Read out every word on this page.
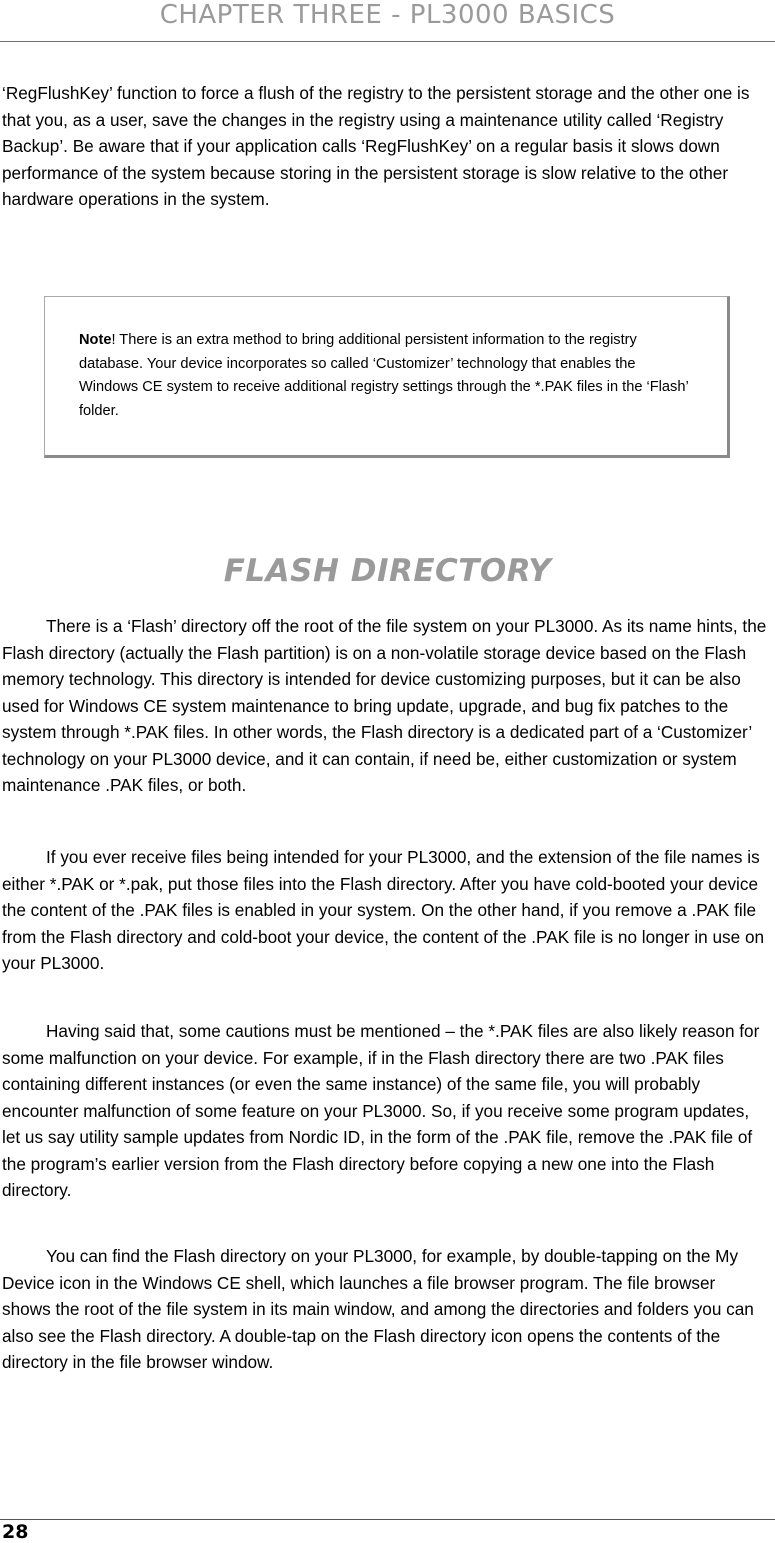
CHAPTER THREE - PL3000 BASICS

‘RegFlushKey’ function to force a flush of the registry to the persistent storage and the other one is that you, as a user, save the changes in the registry using a maintenance utility called ‘Registry Backup’. Be aware that if your application calls ‘RegFlushKey’ on a regular basis it slows down performance of the system because storing in the persistent storage is slow relative to the other hardware operations in the system.

Note! There is an extra method to bring additional persistent information to the registry database. Your device incorporates so called ‘Customizer’ technology that enables the Windows CE system to receive additional registry settings through the *.PAK files in the ‘Flash’ folder.

FLASH DIRECTORY

There is a ‘Flash’ directory off the root of the file system on your PL3000. As its name hints, the Flash directory (actually the Flash partition) is on a non-volatile storage device based on the Flash memory technology. This directory is intended for device customizing purposes, but it can be also used for Windows CE system maintenance to bring update, upgrade, and bug fix patches to the system through *.PAK files. In other words, the Flash directory is a dedicated part of a ‘Customizer’ technology on your PL3000 device, and it can contain, if need be, either customization or system maintenance .PAK files, or both.

If you ever receive files being intended for your PL3000, and the extension of the file names is either *.PAK or *.pak, put those files into the Flash directory. After you have cold-booted your device the content of the .PAK files is enabled in your system. On the other hand, if you remove a .PAK file from the Flash directory and cold-boot your device, the content of the .PAK file is no longer in use on your PL3000.

Having said that, some cautions must be mentioned – the *.PAK files are also likely reason for some malfunction on your device. For example, if in the Flash directory there are two .PAK files containing different instances (or even the same instance) of the same file, you will probably encounter malfunction of some feature on your PL3000. So, if you receive some program updates, let us say utility sample updates from Nordic ID, in the form of the .PAK file, remove the .PAK file of the program’s earlier version from the Flash directory before copying a new one into the Flash directory.

You can find the Flash directory on your PL3000, for example, by double-tapping on the My Device icon in the Windows CE shell, which launches a file browser program. The file browser shows the root of the file system in its main window, and among the directories and folders you can also see the Flash directory. A double-tap on the Flash directory icon opens the contents of the directory in the file browser window.

28
